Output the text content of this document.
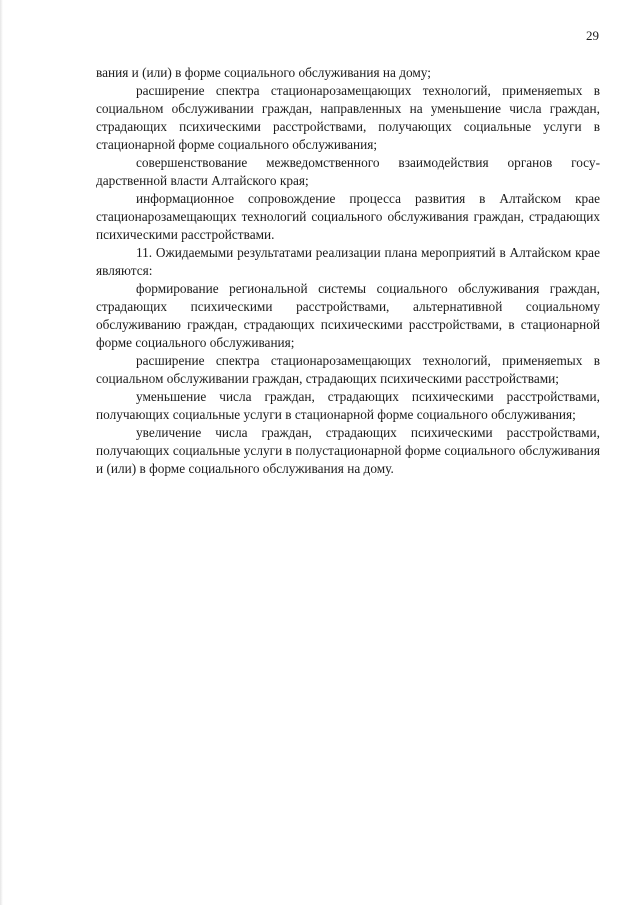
29

вания и (или) в форме социального обслуживания на дому;

расширение спектра стационарозамещающих технологий, применяеmых в социальном обслуживании граждан, направленных на уменьшение числа граждан, страдающих психическими расстройствами, получающих социальные услуги в стационарной форме социального обслуживания;

совершенствование межведомственного взаимодействия органов государственной власти Алтайского края;

информационное сопровождение процесса развития в Алтайском крае стационарозамещающих технологий социального обслуживания граждан, страдающих психическими расстройствами.

11. Ожидаемыми результатами реализации плана мероприятий в Алтайском крае являются:

формирование региональной системы социального обслуживания граждан, страдающих психическими расстройствами, альтернативной социальному обслуживанию граждан, страдающих психическими расстройствами, в стационарной форме социального обслуживания;

расширение спектра стационарозамещающих технологий, применяеmых в социальном обслуживании граждан, страдающих психическими расстройствами;

уменьшение числа граждан, страдающих психическими расстройствами, получающих социальные услуги в стационарной форме социального обслуживания;

увеличение числа граждан, страдающих психическими расстройствами, получающих социальные услуги в полустационарной форме социального обслуживания и (или) в форме социального обслуживания на дому.
